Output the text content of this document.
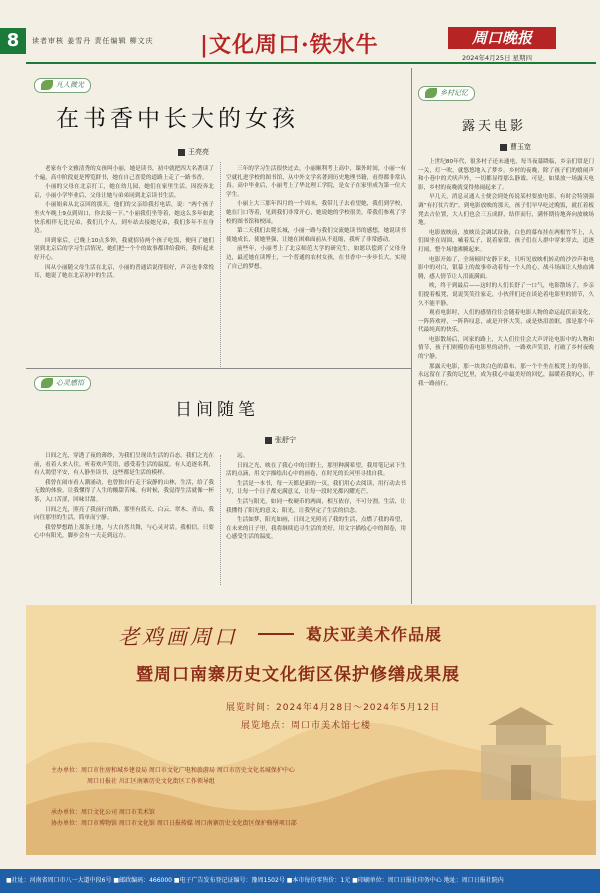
8	读者审核 姜雪丹 责任编辑 柳文庆 |文化周口·铁水牛	周口晚报
2024年4月25日 星期四
凡人微光
在书香中长大的女孩
王亮亮

老家有个文雅清秀的女孩叫小丽，她是读书，初中就把四大名著读了个遍，高中阶段更是博览群书，她在自己喜爱的道路上走了一路书香。

小丽的父母在北京打工，她在幼儿园，她们在家里生活。因投奔北京，小丽小学毕业后，父母让她与弟弟同到北京读书生活。

小丽姐弟从北京回的那天，他们的父亲给我打电话，说：“两个孩子坐火车晚上9点到周口，你去接一下。”小丽我们坐等着，她这么多年如此快乐相伴无比兄弟，我们几个人，到车站去接她兄弟，我们多年不在身边。

回到家后，已晚上10点多钟，我就招待两个孩子吃饭，便问了她们别到北京后的学习生活情况，她们把一个个的故事都讲给我听，我听起来好开心。

因从小丽随父母生活在北京，小丽的普通话说得很好，声音也非常悦耳，她说了她在北京初中的生活。

三年的学习生活很快过去，小丽顺利考上高中，课外时间，小丽一有空就扎进学校的图书馆，从中外文学名著到历史地理书籍，看得都非常认真。高中毕业后，小丽考上了华北理工学院，是女子在家里成为第一位大学生。

小丽上大三那年四月的一个周末，我带儿子去看望她，我们到学校，她在门口等着，见到我们非常开心，她说她的学校很美，带我们参观了学校的图书馆和校园。

第二天我们去爬长城，小丽一路与我们交流她读书的感想，她说读书使她成长，使她坚强，让她在困难面前从不退缩，我听了非常感动。

前些年，小丽考上了北京师范大学的研究生，如愿以偿到了父母身边，最近她在读博士，一个普通的农村女孩，在书香中一步步长大，实现了自己的梦想。

心灵感悟
日间随笔
张舒宁

日间之光，穿透了夜的薄纱，为我们呈现出生活的百态。我们之光在前，看着人来人往，听着欢声笑语，感受着生活的温度。有人追逐名利，有人渴望平安，有人静坐读书，这些都是生活的模样。

我曾在闹市看人潮涌动，也曾独自行走于寂静的山林，生活，给了我无数的体验，让我懂得了人生的酸甜苦辣。有时候，我觉得生活就像一杯茶，入口苦涩，回味甘甜。

日间之光，照亮了我前行的路，那里有蓝天、白云、翠木、青山，我向往那里的生活，简单而宁静。

我曾梦想踏上那条土地，与大自然共舞，与心灵对话。我相信，只要心中有阳光，脚步会有一天走到远方。

远。

日间之光，映在了我心中的日野上，那里种满希望。我用笔记录下生活的点滴，用文字描绘出心中的画卷，在时光的长河里寻找自我。

生活是一本书，每一天都是新的一页，我们用心去阅读，用行动去书写，让每一个日子都充满意义，让每一段时光都闪耀光芒。

生活与阳光，如同一枚硬币的两面，相互依存，不可分割。生活，让我懂得了阳光的意义；阳光，让我坚定了生活的信念。

生活如梦，阳光如画，日间之光照亮了我的生活，点燃了我的希望，在未来的日子里，我将继续追寻生活的美好，用文字描绘心中的图卷，用心感受生活的温度。

乡村记忆
露天电影
曹玉宽

上世纪80年代，很多村子还未通电，每当夜幕降临，乡亲们常是门一关，灯一吹，就悠悠地入了梦乡。乡村的夜晚，除了孩子们的嬉闹声和小巷中的犬吠声外，一切都显得那么静谧。可是，如果放一场露天电影，乡村的夜晚就变得热闹起来了。

早几天，消息灵通人士便会到处传说某村要放电影，有时会特别强调“有打仗片的”。到电影放映的那天，孩子们早早吃过晚饭，就扛着板凳去占位置，大人们也会三五成群，结伴而行，满怀期待地奔向放映场地。

电影放映前，放映员会调试设备，白色的幕布挂在两根竹竿上，人们围坐在周围，嗑着瓜子，说着家常，孩子们在人群中穿来穿去，追逐打闹，整个场地沸腾起来。

电影开始了，全场顿时安静下来，只听见放映机转动的沙沙声和电影中的对白，银幕上的故事牵动着每一个人的心，战斗场面让人热血沸腾，感人情节让人泪流满面。

唉，终于到最后——这时的人们长舒了一口气，电影散场了，乡亲们提着板凳，说说笑笑往家走，小伙伴们还在谈论着电影里的情节，久久不能平静。

观看电影时，人们的感情往往会随着电影人物的命运起伏而变化，一阵阵欢呼，一阵阵叹息，或是开怀大笑，或是热泪盈眶，那是那个年代最纯真的快乐。

电影散场后，回家的路上，大人们往往会大声评论电影中的人物和情节，孩子们则模仿着电影里的动作，一路欢声笑语，打破了乡村夜晚的宁静。

那露天电影，那一块块白色的幕布，那一个个坐在板凳上的身影，永远留在了我的记忆里，成为我心中最美好的回忆，温暖着我的心，伴我一路前行。

老鸡画周口	葛庆亚美术作品展
暨周口南寨历史文化街区保护修缮成果展
展览时间：2024年4月28日～2024年5月12日
展览地点：周口市美术馆七楼
主办单位：周口市住房和城乡建设局 周口市文化广电和旅游局 周口市历史文化名城保护中心
周口日报社 川汇区南寨历史文化街区工作领导组
承办单位：周口文化公司 周口市美术馆
协办单位：周口市博物馆 周口市文化馆 周口日报传媒 周口南寨历史文化街区保护修缮项目部
■社址：河南省周口市八一大道中段6号 ■邮政编码：466000 ■电子广告发布登记证编号：豫周1502号 ■本市每份零售价：1元 ■印刷单位：周口日报社印务中心 地址：周口日报社院内
